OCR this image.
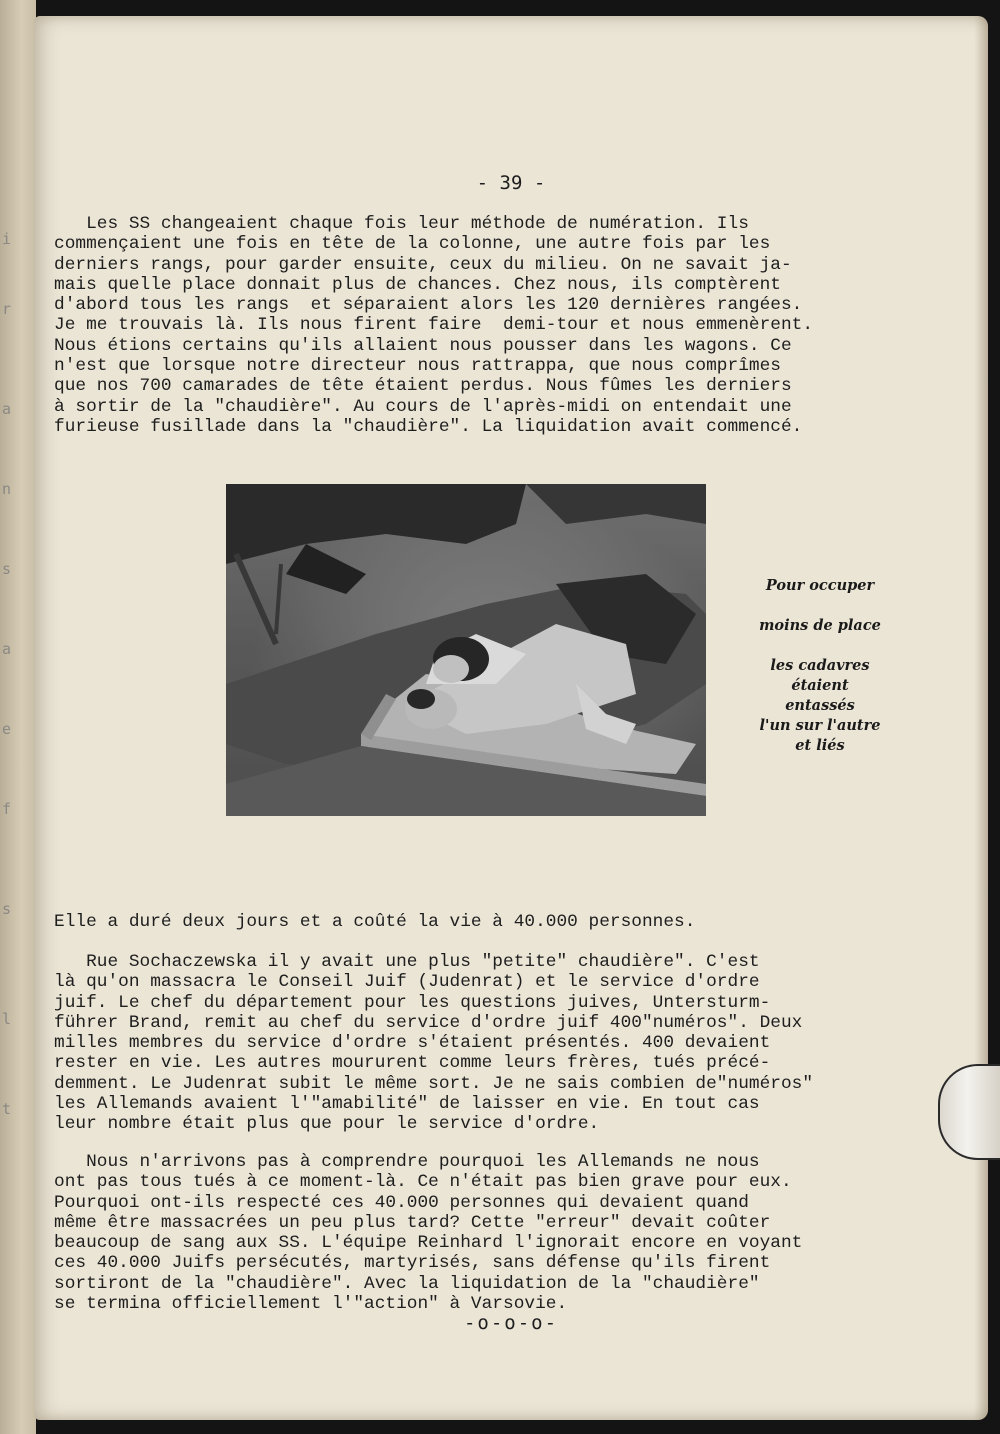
i
r
a
n
s
a
e
f
s
l
t
- 39 -

Les SS changeaient chaque fois leur méthode de numération. Ils
commençaient une fois en tête de la colonne, une autre fois par les
derniers rangs, pour garder ensuite, ceux du milieu. On ne savait ja-
mais quelle place donnait plus de chances. Chez nous, ils comptèrent
d'abord tous les rangs  et séparaient alors les 120 dernières rangées.
Je me trouvais là. Ils nous firent faire  demi-tour et nous emmenèrent.
Nous étions certains qu'ils allaient nous pousser dans les wagons. Ce
n'est que lorsque notre directeur nous rattrappa, que nous comprîmes
que nos 700 camarades de tête étaient perdus. Nous fûmes les derniers
à sortir de la "chaudière". Au cours de l'après-midi on entendait une
furieuse fusillade dans la "chaudière". La liquidation avait commencé.

Pour occuper
moins de place
les cadavres
étaient
entassés
l'un sur l'autre
et liés

Elle a duré deux jours et a coûté la vie à 40.000 personnes.

Rue Sochaczewska il y avait une plus "petite" chaudière". C'est
là qu'on massacra le Conseil Juif (Judenrat) et le service d'ordre
juif. Le chef du département pour les questions juives, Untersturm-
führer Brand, remit au chef du service d'ordre juif 400"numéros". Deux
milles membres du service d'ordre s'étaient présentés. 400 devaient
rester en vie. Les autres moururent comme leurs frères, tués précé-
demment. Le Judenrat subit le même sort. Je ne sais combien de"numéros"
les Allemands avaient l'"amabilité" de laisser en vie. En tout cas
leur nombre était plus que pour le service d'ordre.

Nous n'arrivons pas à comprendre pourquoi les Allemands ne nous
ont pas tous tués à ce moment-là. Ce n'était pas bien grave pour eux.
Pourquoi ont-ils respecté ces 40.000 personnes qui devaient quand
même être massacrées un peu plus tard? Cette "erreur" devait coûter
beaucoup de sang aux SS. L'équipe Reinhard l'ignorait encore en voyant
ces 40.000 Juifs persécutés, martyrisés, sans défense qu'ils firent
sortiront de la "chaudière". Avec la liquidation de la "chaudière"
se termina officiellement l'"action" à Varsovie.

-o-o-o-
